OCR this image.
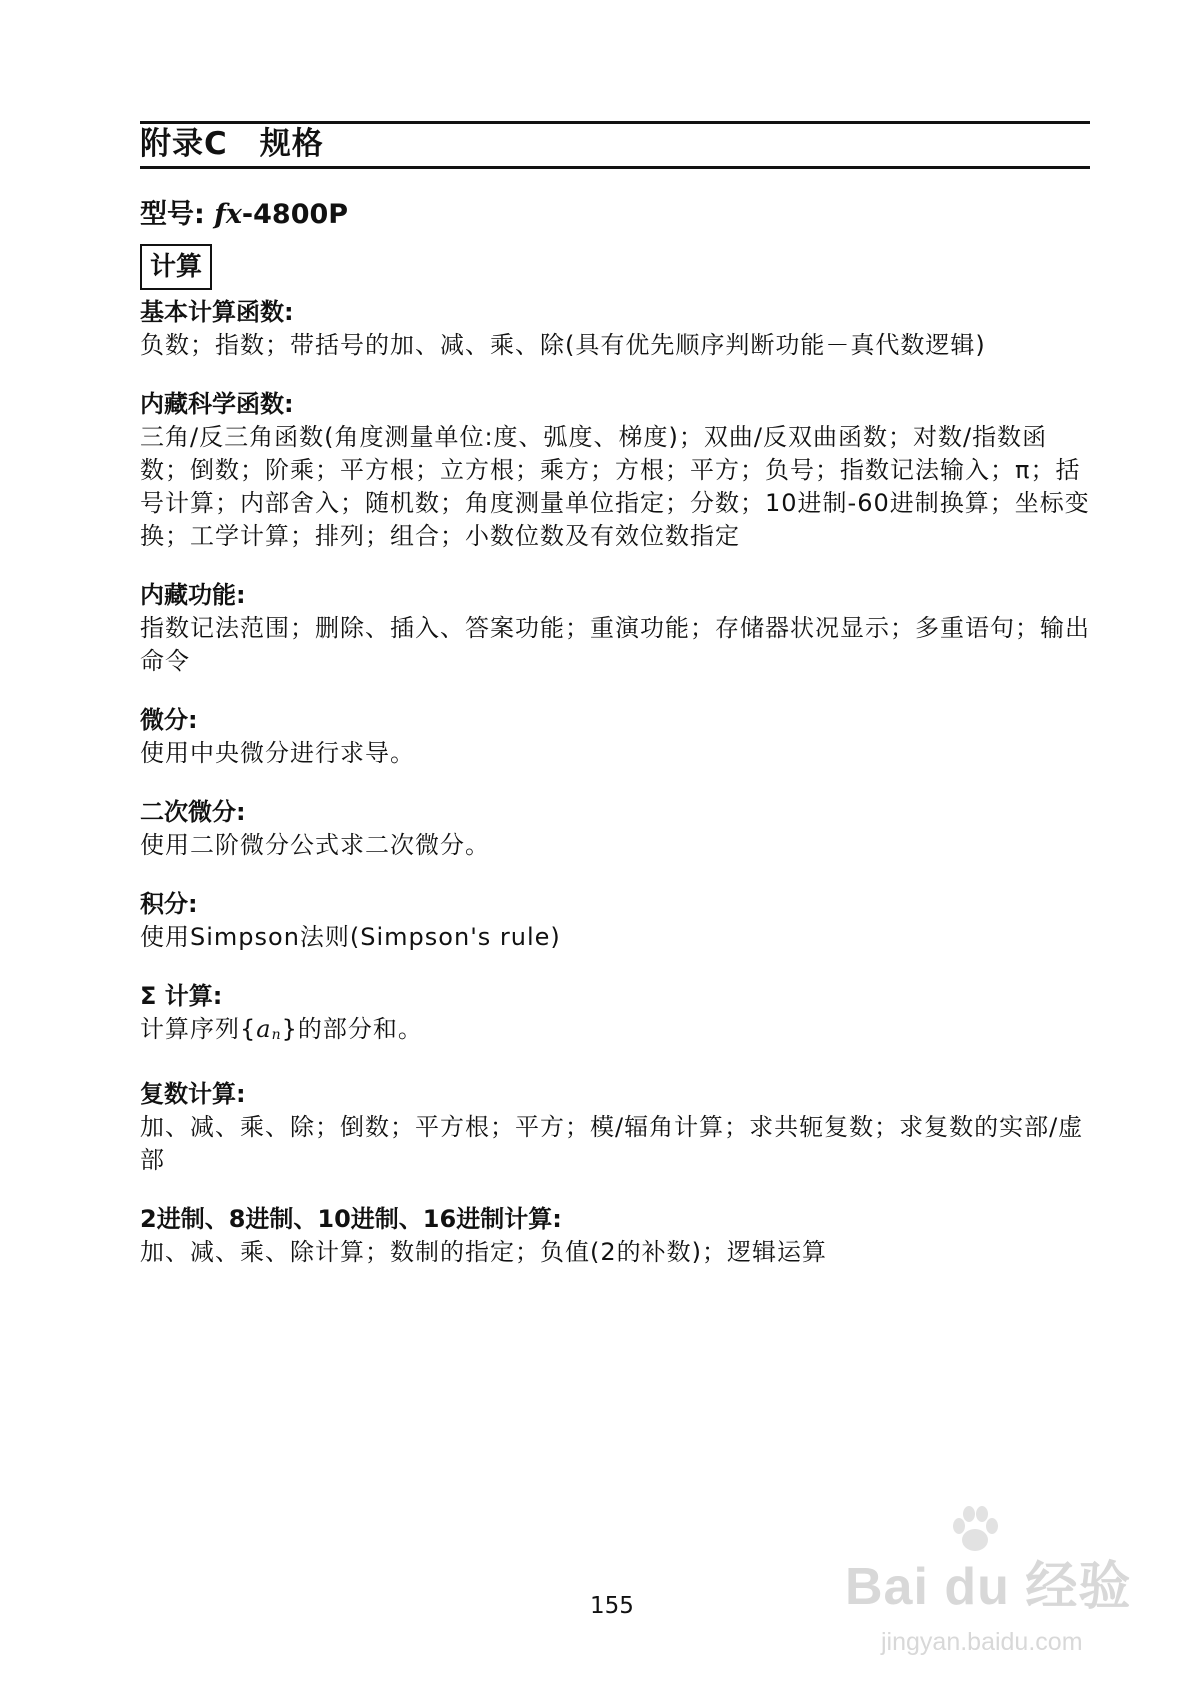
附录C　规格
型号: fx-4800P
计算

基本计算函数:

负数；指数；带括号的加、减、乘、除(具有优先顺序判断功能－真代数逻辑)

内藏科学函数:

三角/反三角函数(角度测量单位:度、弧度、梯度)；双曲/反双曲函数；对数/指数函数；倒数；阶乘；平方根；立方根；乘方；方根；平方；负号；指数记法输入；π；括号计算；内部舍入；随机数；角度测量单位指定；分数；10进制-60进制换算；坐标变换；工学计算；排列；组合；小数位数及有效位数指定

内藏功能:

指数记法范围；删除、插入、答案功能；重演功能；存储器状况显示；多重语句；输出命令

微分:

使用中央微分进行求导。

二次微分:

使用二阶微分公式求二次微分。

积分:

使用Simpson法则(Simpson's rule)

Σ 计算:

计算序列{an}的部分和。

复数计算:

加、减、乘、除；倒数；平方根；平方；模/辐角计算；求共轭复数；求复数的实部/虚部

2进制、8进制、10进制、16进制计算:

加、减、乘、除计算；数制的指定；负值(2的补数)；逻辑运算

155	Bai du 经验
jingyan.baidu.com
